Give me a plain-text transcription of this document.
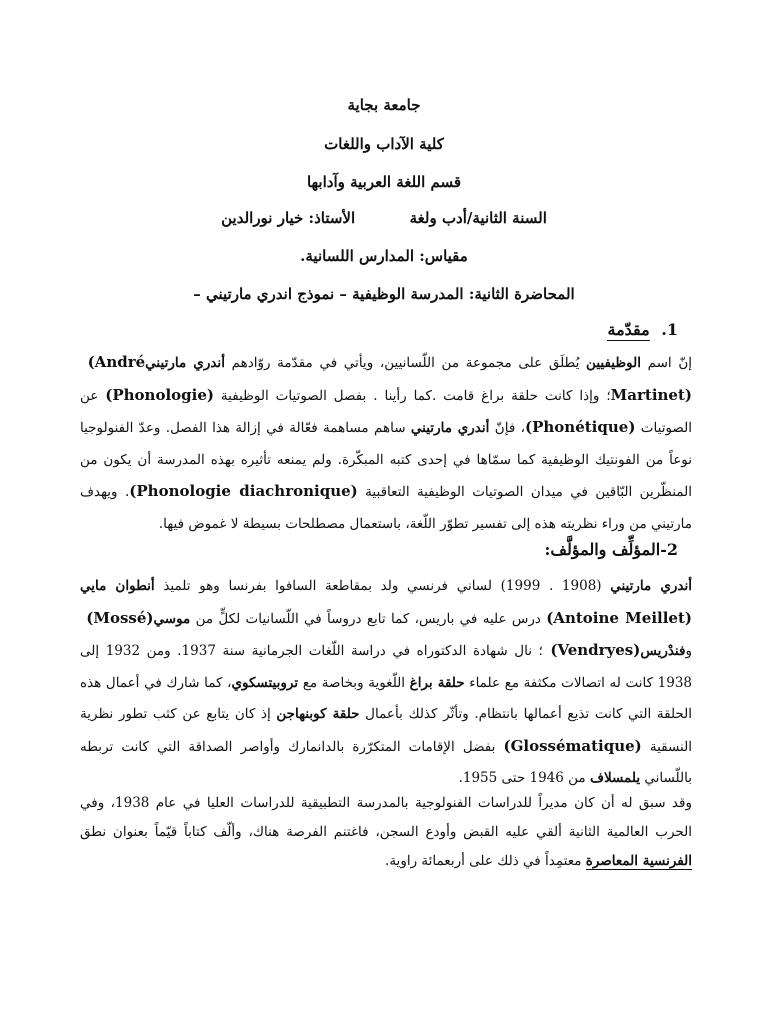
جامعة بجاية
كلية الآداب واللغات
قسم اللغة العربية وآدابها
السنة الثانية/أدب ولغة  الأستاذ: خيار نورالدين
مقياس: المدارس اللسانية.
المحاضرة الثانية: المدرسة الوظيفية – نموذج اندري مارتيني –
1. مقدّمة

إنّ اسم الوظيفيين يُطلَق على مجموعة من اللّسانيين، ويأتي في مقدّمة روّادهم أندري مارتيني (André Martinet)؛ وإذا كانت حلقة براغ قامت .كما رأينا . بفصل الصوتيات الوظيفية (Phonologie) عن الصوتيات (Phonétique)، فإنّ أندري مارتيني ساهم مساهمة فعّالة في إزالة هذا الفصل. وعدّ الفنولوجيا نوعاً من الفونتيك الوظيفية كما سمّاها في إحدى كتبه المبكّرة. ولم يمنعه تأثيره بهذه المدرسة أن يكون من المنظّرين البّاقين في ميدان الصوتيات الوظيفية التعاقبية (Phonologie diachronique). ويهدف مارتيني من وراء نظريته هذه إلى تفسير تطوّر اللّغة، باستعمال مصطلحات بسيطة لا غموض فيها.

2-المؤلِّف والمؤلَّف:

أندري مارتيني (1908 . 1999) لساني فرنسي ولد بمقاطعة السافوا بفرنسا وهو تلميذ أنطوان مايي (Antoine Meillet) درس عليه في باريس، كما تابع دروساً في اللّسانيات لكلٍّ من موسي (Mossé) وفندْريس (Vendryes)؛ نال شهادة الدكتوراه في دراسة اللّغات الجرمانية سنة 1937. ومن 1932 إلى 1938 كانت له اتصالات مكثفة مع علماء حلقة براغ اللّغوية وبخاصة مع تروبيتسكوي، كما شارك في أعمال هذه الحلقة التي كانت تذيع أعمالها بانتظام. وتأثّر كذلك بأعمال حلقة كوبنهاجن إذ كان يتابع عن كثب تطور نظرية النسقية (Glossématique) بفضل الإقامات المتكرّرة بالدانمارك وأواصر الصداقة التي كانت تربطه باللّساني يلمسلاف من 1946 حتى 1955.

وقد سبق له أن كان مديراً للدراسات الفنولوجية بالمدرسة التطبيقية للدراسات العليا في عام 1938، وفي الحرب العالمية الثانية ألقي عليه القبض وأودع السجن، فاغتنم الفرصة هناك، وألّف كتاباً قيّماً بعنوان نطق الفرنسية المعاصرة معتمِداً في ذلك على أربعمائة راوية.
